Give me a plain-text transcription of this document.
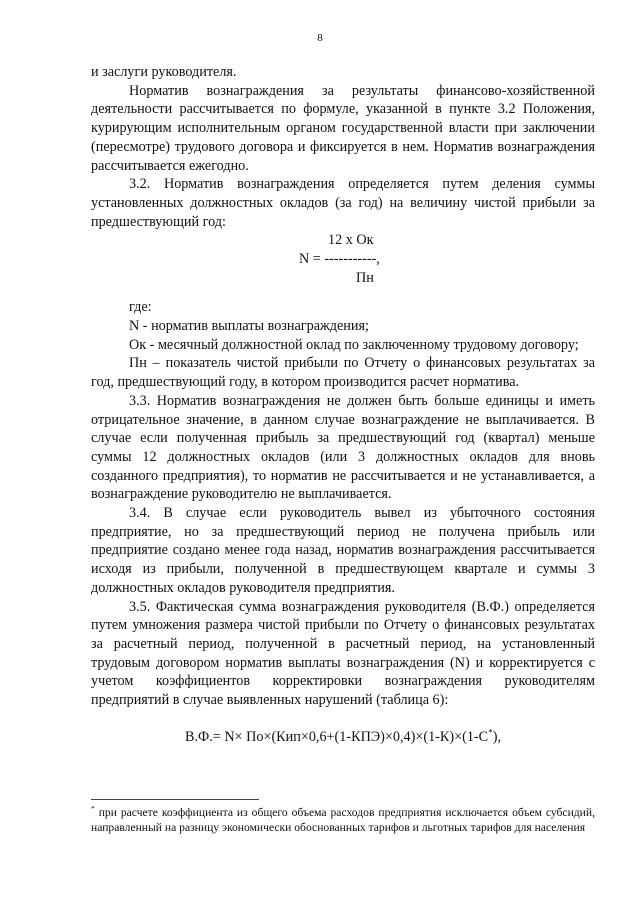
8

и заслуги руководителя.

Норматив вознаграждения за результаты финансово-хозяйственной деятельности рассчитывается по формуле, указанной в пункте 3.2 Положения, курирующим исполнительным органом государственной власти при заключении (пересмотре) трудового договора и фиксируется в нем. Норматив вознаграждения рассчитывается ежегодно.

3.2. Норматив вознаграждения определяется путем деления суммы установленных должностных окладов (за год) на величину чистой прибыли за предшествующий год:

12 х Ок
N = -----------,
Пн

где:

N - норматив выплаты вознаграждения;

Ок - месячный должностной оклад по заключенному трудовому договору;

Пн – показатель чистой прибыли по Отчету о финансовых результатах за год, предшествующий году, в котором производится расчет норматива.

3.3. Норматив вознаграждения не должен быть больше единицы и иметь отрицательное значение, в данном случае вознаграждение не выплачивается. В случае если полученная прибыль за предшествующий год (квартал) меньше суммы 12 должностных окладов (или 3 должностных окладов для вновь созданного предприятия), то норматив не рассчитывается и не устанавливается, а вознаграждение руководителю не выплачивается.

3.4. В случае если руководитель вывел из убыточного состояния предприятие, но за предшествующий период не получена прибыль или предприятие создано менее года назад, норматив вознаграждения рассчитывается исходя из прибыли, полученной в предшествующем квартале и суммы 3 должностных окладов руководителя предприятия.

3.5. Фактическая сумма вознаграждения руководителя (В.Ф.) определяется путем умножения размера чистой прибыли по Отчету о финансовых результатах за расчетный период, полученной в расчетный период, на установленный трудовым договором норматив выплаты вознаграждения (N) и корректируется с учетом коэффициентов корректировки вознаграждения руководителям предприятий в случае выявленных нарушений (таблица 6):

В.Ф.= N× По×(Кип×0,6+(1-КПЭ)×0,4)×(1-К)×(1-С*),

* при расчете коэффициента из общего объема расходов предприятия исключается объем субсидий, направленный на разницу экономически обоснованных тарифов и льготных тарифов для населения
